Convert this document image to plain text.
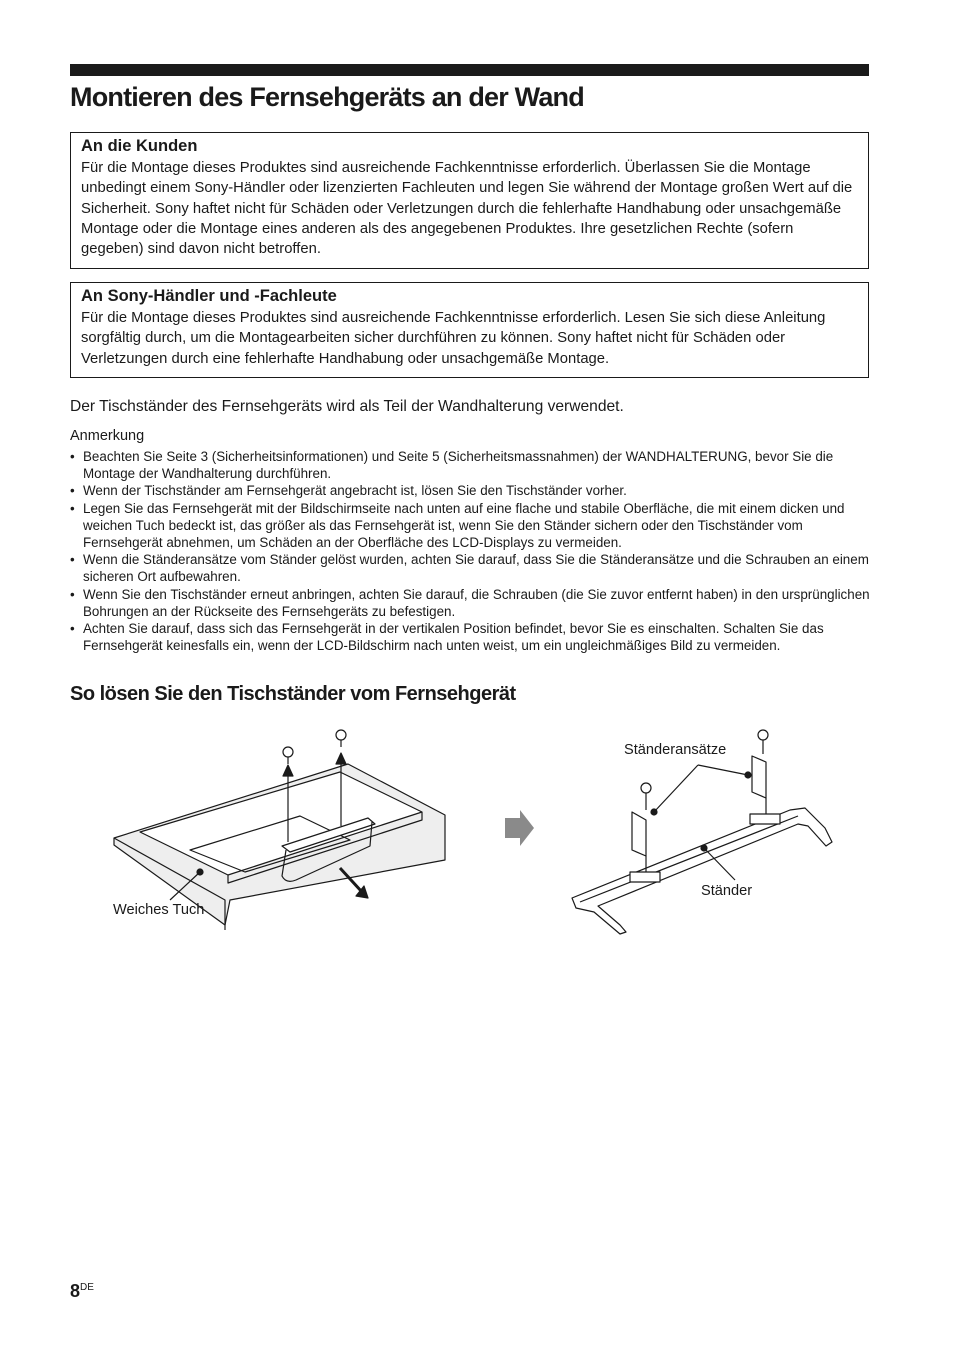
Montieren des Fernsehgeräts an der Wand
An die Kunden

Für die Montage dieses Produktes sind ausreichende Fachkenntnisse erforderlich. Überlassen Sie die Montage unbedingt einem Sony-Händler oder lizenzierten Fachleuten und legen Sie während der Montage großen Wert auf die Sicherheit. Sony haftet nicht für Schäden oder Verletzungen durch die fehlerhafte Handhabung oder unsachgemäße Montage oder die Montage eines anderen als des angegebenen Produktes. Ihre gesetzlichen Rechte (sofern gegeben) sind davon nicht betroffen.

An Sony-Händler und -Fachleute

Für die Montage dieses Produktes sind ausreichende Fachkenntnisse erforderlich. Lesen Sie sich diese Anleitung sorgfältig durch, um die Montagearbeiten sicher durchführen zu können. Sony haftet nicht für Schäden oder Verletzungen durch eine fehlerhafte Handhabung oder unsachgemäße Montage.

Der Tischständer des Fernsehgeräts wird als Teil der Wandhalterung verwendet.

Anmerkung

• Beachten Sie Seite 3 (Sicherheitsinformationen) und Seite 5 (Sicherheitsmassnahmen) der WANDHALTERUNG, bevor Sie die Montage der Wandhalterung durchführen.
• Wenn der Tischständer am Fernsehgerät angebracht ist, lösen Sie den Tischständer vorher.
• Legen Sie das Fernsehgerät mit der Bildschirmseite nach unten auf eine flache und stabile Oberfläche, die mit einem dicken und weichen Tuch bedeckt ist, das größer als das Fernsehgerät ist, wenn Sie den Ständer sichern oder den Tischständer vom Fernsehgerät abnehmen, um Schäden an der Oberfläche des LCD-Displays zu vermeiden.
• Wenn die Ständeransätze vom Ständer gelöst wurden, achten Sie darauf, dass Sie die Ständeransätze und die Schrauben an einem sicheren Ort aufbewahren.
• Wenn Sie den Tischständer erneut anbringen, achten Sie darauf, die Schrauben (die Sie zuvor entfernt haben) in den ursprünglichen Bohrungen an der Rückseite des Fernsehgeräts zu befestigen.
• Achten Sie darauf, dass sich das Fernsehgerät in der vertikalen Position befindet, bevor Sie es einschalten. Schalten Sie das Fernsehgerät keinesfalls ein, wenn der LCD-Bildschirm nach unten weist, um ein ungleichmäßiges Bild zu vermeiden.
So lösen Sie den Tischständer vom Fernsehgerät
Weiches Tuch
Ständeransätze
Ständer
8DE
